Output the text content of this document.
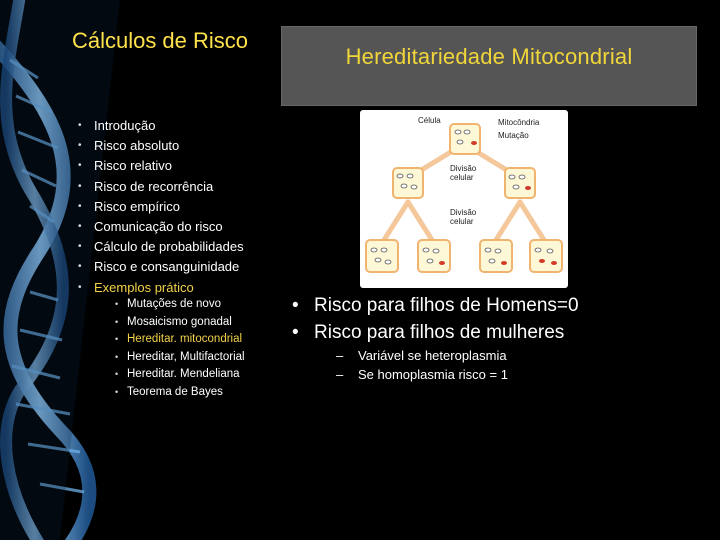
Cálculos de Risco
Hereditariedade Mitocondrial
• Introdução
• Risco absoluto
• Risco relativo
• Risco de recorrência
• Risco empírico
• Comunicação do risco
• Cálculo de probabilidades
• Risco e consanguinidade
• Exemplos prático
• Mutações de novo
• Mosaicismo gonadal
• Hereditar. mitocondrial
• Hereditar, Multifactorial
• Hereditar. Mendeliana
• Teorema de Bayes
Célula	Mitocôndria
Mutação
Divisão celular
Divisão celular
• Risco para filhos de Homens=0
• Risco para filhos de mulheres
– Variável se heteroplasmia
– Se homoplasmia risco = 1
